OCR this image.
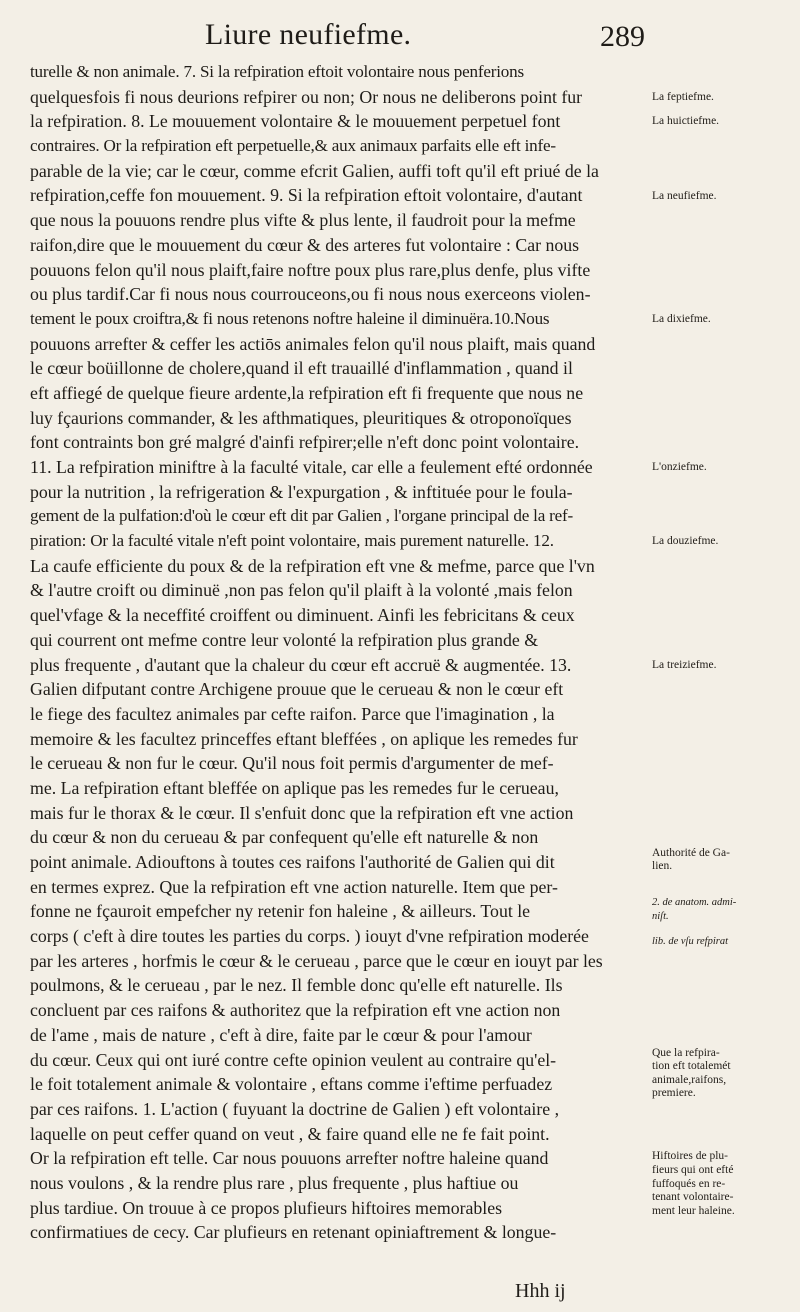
Liure neufiefme.	289
turelle & non animale. 7. Si la refpiration eftoit volontaire nous penferions
quelquesfois fi nous deurions refpirer ou non; Or nous ne deliberons point fur
la refpiration. 8. Le mouuement volontaire & le mouuement perpetuel font
contraires. Or la refpiration eft perpetuelle,& aux animaux parfaits elle eft infe-
parable de la vie; car le cœur, comme efcrit Galien, auffi toft qu'il eft priué de la
refpiration,ceffe fon mouuement. 9. Si la refpiration eftoit volontaire, d'autant
que nous la pouuons rendre plus vifte & plus lente, il faudroit pour la mefme
raifon,dire que le mouuement du cœur & des arteres fut volontaire : Car nous
pouuons felon qu'il nous plaift,faire noftre poux plus rare,plus denfe, plus vifte
ou plus tardif.Car fi nous nous courrouceons,ou fi nous nous exerceons violen-
tement le poux croiftra,& fi nous retenons noftre haleine il diminuëra.10.Nous
pouuons arrefter & ceffer les actiōs animales felon qu'il nous plaift, mais quand
le cœur boüillonne de cholere,quand il eft trauaillé d'inflammation , quand il
eft affiegé de quelque fieure ardente,la refpiration eft fi frequente que nous ne
luy fçaurions commander, & les afthmatiques, pleuritiques & otroponoïques
font contraints bon gré malgré d'ainfi refpirer;elle n'eft donc point volontaire.
11. La refpiration miniftre à la faculté vitale, car elle a feulement efté ordonnée
pour la nutrition , la refrigeration & l'expurgation , & inftituée pour le foula-
gement de la pulfation:d'où le cœur eft dit par Galien , l'organe principal de la ref-
piration: Or la faculté vitale n'eft point volontaire, mais purement naturelle. 12.
La caufe efficiente du poux & de la refpiration eft vne & mefme, parce que l'vn
& l'autre croift ou diminuë ,non pas felon qu'il plaift à la volonté ,mais felon
quel'vfage & la neceffité croiffent ou diminuent. Ainfi les febricitans & ceux
qui courrent ont mefme contre leur volonté la refpiration plus grande &
plus frequente , d'autant que la chaleur du cœur eft accruë & augmentée. 13.
Galien difputant contre Archigene prouue que le cerueau & non le cœur eft
le fiege des facultez animales par cefte raifon. Parce que l'imagination , la
memoire & les facultez princeffes eftant bleffées , on aplique les remedes fur
le cerueau & non fur le cœur. Qu'il nous foit permis d'argumenter de mef-
me. La refpiration eftant bleffée on aplique pas les remedes fur le cerueau,
mais fur le thorax & le cœur. Il s'enfuit donc que la refpiration eft vne action
du cœur & non du cerueau & par confequent qu'elle eft naturelle & non
point animale. Adiouftons à toutes ces raifons l'authorité de Galien qui dit
en termes exprez. Que la refpiration eft vne action naturelle. Item que per-
fonne ne fçauroit empefcher ny retenir fon haleine , & ailleurs. Tout le
corps ( c'eft à dire toutes les parties du corps. ) iouyt d'vne refpiration moderée
par les arteres , horfmis le cœur & le cerueau , parce que le cœur en iouyt par les
poulmons, & le cerueau , par le nez. Il femble donc qu'elle eft naturelle. Ils
concluent par ces raifons & authoritez que la refpiration eft vne action non
de l'ame , mais de nature , c'eft à dire, faite par le cœur & pour l'amour
du cœur. Ceux qui ont iuré contre cefte opinion veulent au contraire qu'el-
le foit totalement animale & volontaire , eftans comme i'eftime perfuadez
par ces raifons. 1. L'action ( fuyuant la doctrine de Galien ) eft volontaire ,
laquelle on peut ceffer quand on veut , & faire quand elle ne fe fait point.
Or la refpiration eft telle. Car nous pouuons arrefter noftre haleine quand
nous voulons , & la rendre plus rare , plus frequente , plus haftiue ou
plus tardiue. On trouue à ce propos plufieurs hiftoires memorables
confirmatiues de cecy. Car plufieurs en retenant opiniaftrement & longue-
La feptiefme.
La huictiefme.
La neufiefme.
La dixiefme.
L'onziefme.
La douziefme.
La treiziefme.
Authorité de Ga-
lien.
2. de anatom. admi-
niſt.
lib. de vſu refpirat
Que la refpira-
tion eft totalemét
animale,raifons,
premiere.
Hiftoires de plu-
fieurs qui ont efté
fuffoqués en re-
tenant volontaire-
ment leur haleine.
Hhh ij
